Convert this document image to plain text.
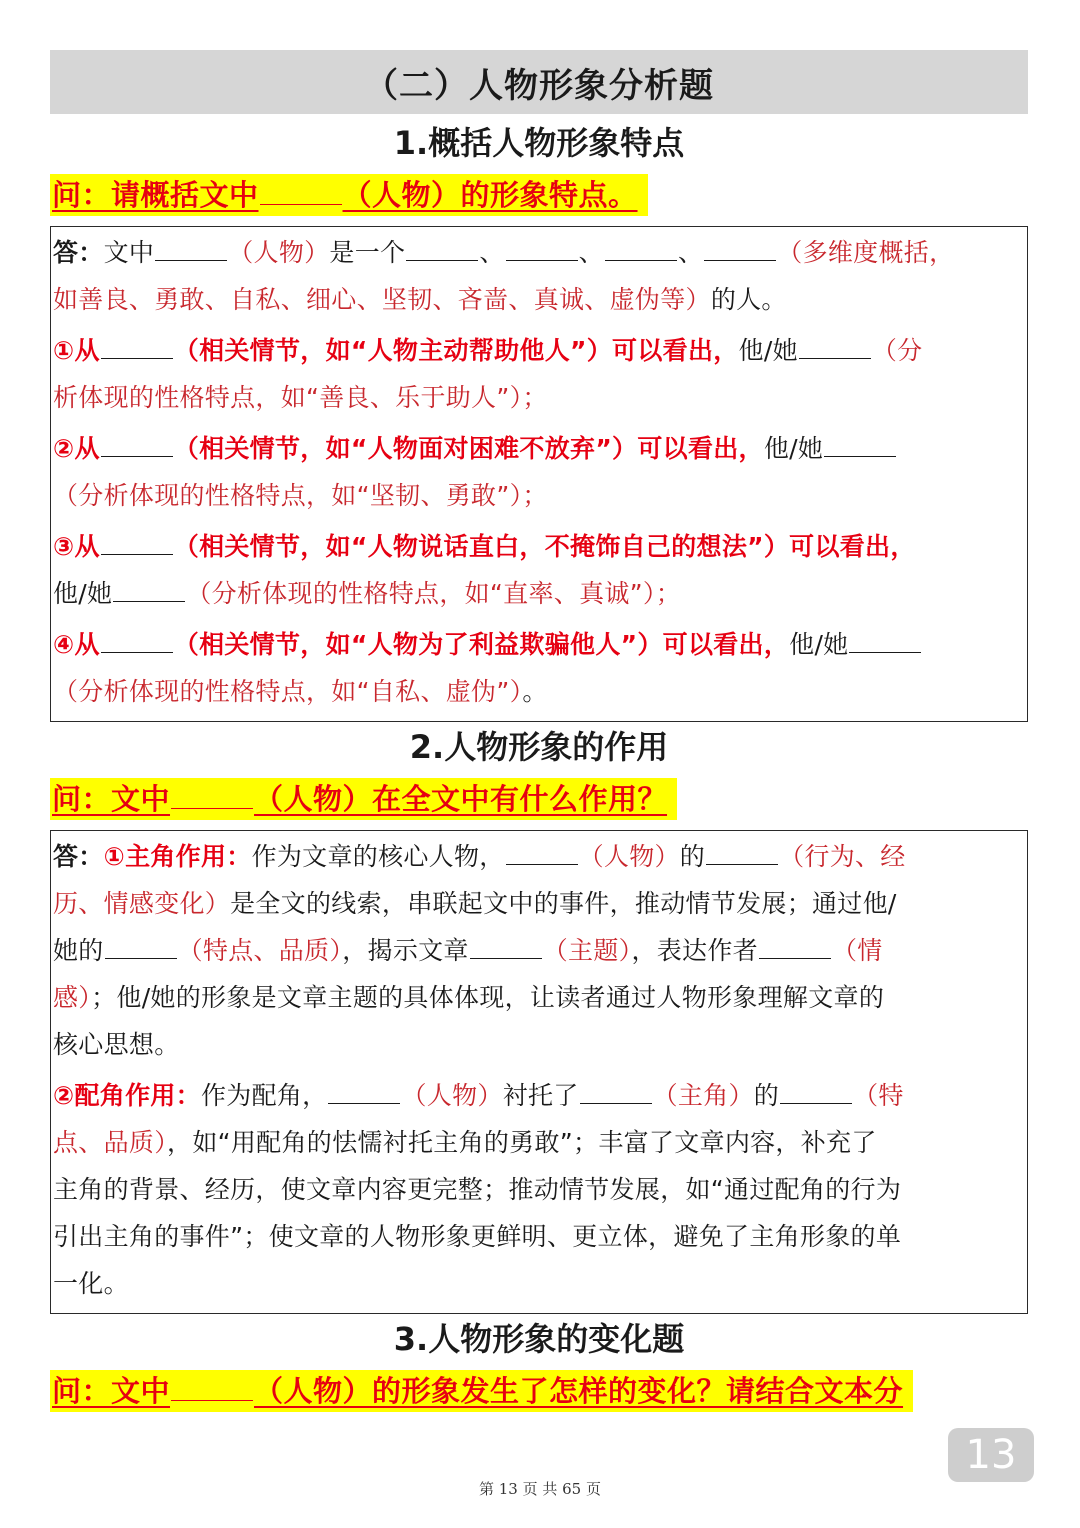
（二）人物形象分析题
1.概括人物形象特点
问：请概括文中	（人物）的形象特点。
答：文中	（人物）是一个	、	、	、	（多维度概括，
如善良、勇敢、自私、细心、坚韧、吝啬、真诚、虚伪等）的人。
①从	（相关情节，如“人物主动帮助他人”）可以看出，他/她	（分
析体现的性格特点，如“善良、乐于助人”）；
②从	（相关情节，如“人物面对困难不放弃”）可以看出，他/她
（分析体现的性格特点，如“坚韧、勇敢”）；
③从	（相关情节，如“人物说话直白，不掩饰自己的想法”）可以看出，
他/她	（分析体现的性格特点，如“直率、真诚”）；
④从	（相关情节，如“人物为了利益欺骗他人”）可以看出，他/她
（分析体现的性格特点，如“自私、虚伪”）。
2.人物形象的作用
问：文中	（人物）在全文中有什么作用？
答：①主角作用：作为文章的核心人物，	（人物）的	（行为、经
历、情感变化）是全文的线索，串联起文中的事件，推动情节发展；通过他/
她的	（特点、品质），揭示文章	（主题），表达作者	（情
感）；他/她的形象是文章主题的具体体现，让读者通过人物形象理解文章的
核心思想。
②配角作用：作为配角，	（人物）衬托了	（主角）的	（特
点、品质），如“用配角的怯懦衬托主角的勇敢”；丰富了文章内容，补充了
主角的背景、经历，使文章内容更完整；推动情节发展，如“通过配角的行为
引出主角的事件”；使文章的人物形象更鲜明、更立体，避免了主角形象的单
一化。
3.人物形象的变化题
问：文中	（人物）的形象发生了怎样的变化？请结合文本分
第 13 页 共 65 页
13
